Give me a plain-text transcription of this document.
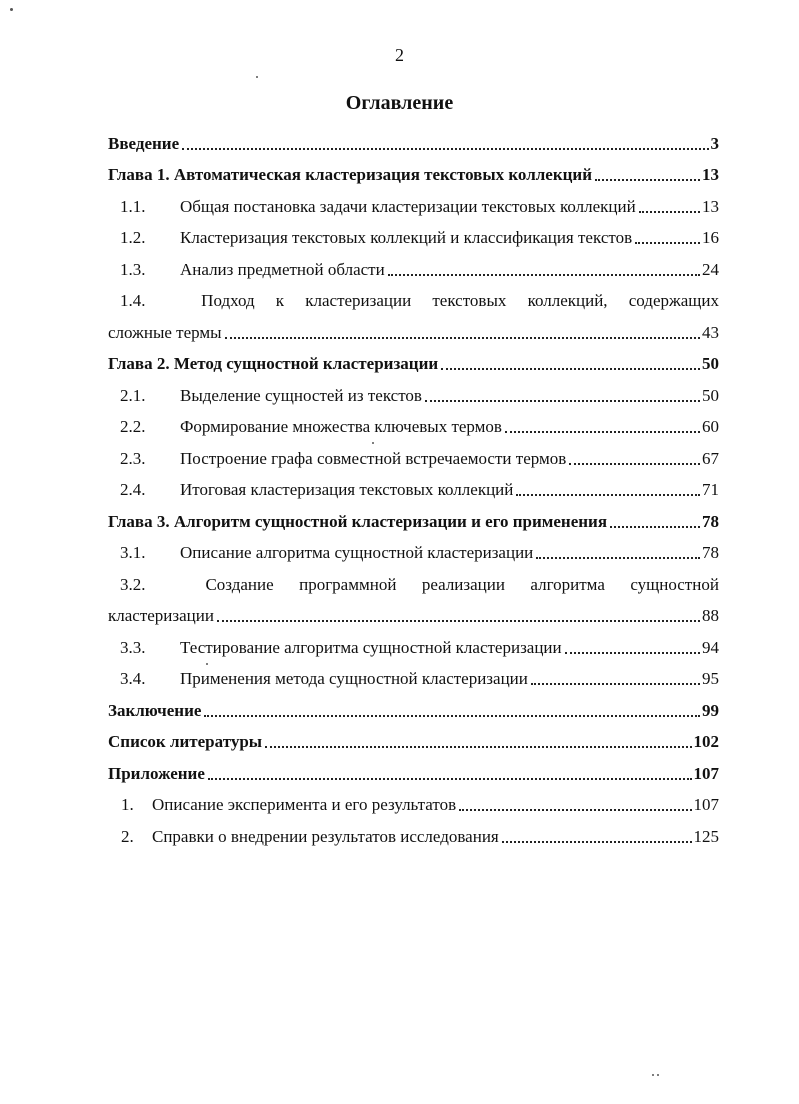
2
Оглавление
Введение	3
Глава 1. Автоматическая кластеризация текстовых коллекций	13
1.1.	Общая постановка задачи кластеризации текстовых коллекций	13
1.2.	Кластеризация текстовых коллекций и классификация текстов	16
1.3.	Анализ предметной области	24
1.4.	Подход к кластеризации текстовых коллекций, содержащих
сложные термы	43
Глава 2. Метод сущностной кластеризации	50
2.1.	Выделение сущностей из текстов	50
2.2.	Формирование множества ключевых термов	60
2.3.	Построение графа совместной встречаемости термов	67
2.4.	Итоговая кластеризация текстовых коллекций	71
Глава 3. Алгоритм сущностной кластеризации и его применения	78
3.1.	Описание алгоритма сущностной кластеризации	78
3.2.	Создание программной реализации алгоритма сущностной
кластеризации	88
3.3.	Тестирование алгоритма сущностной кластеризации	94
3.4.	Применения метода сущностной кластеризации	95
Заключение	99
Список литературы	102
Приложение	107
1.	Описание эксперимента и его результатов	107
2.	Справки о внедрении результатов исследования	125
